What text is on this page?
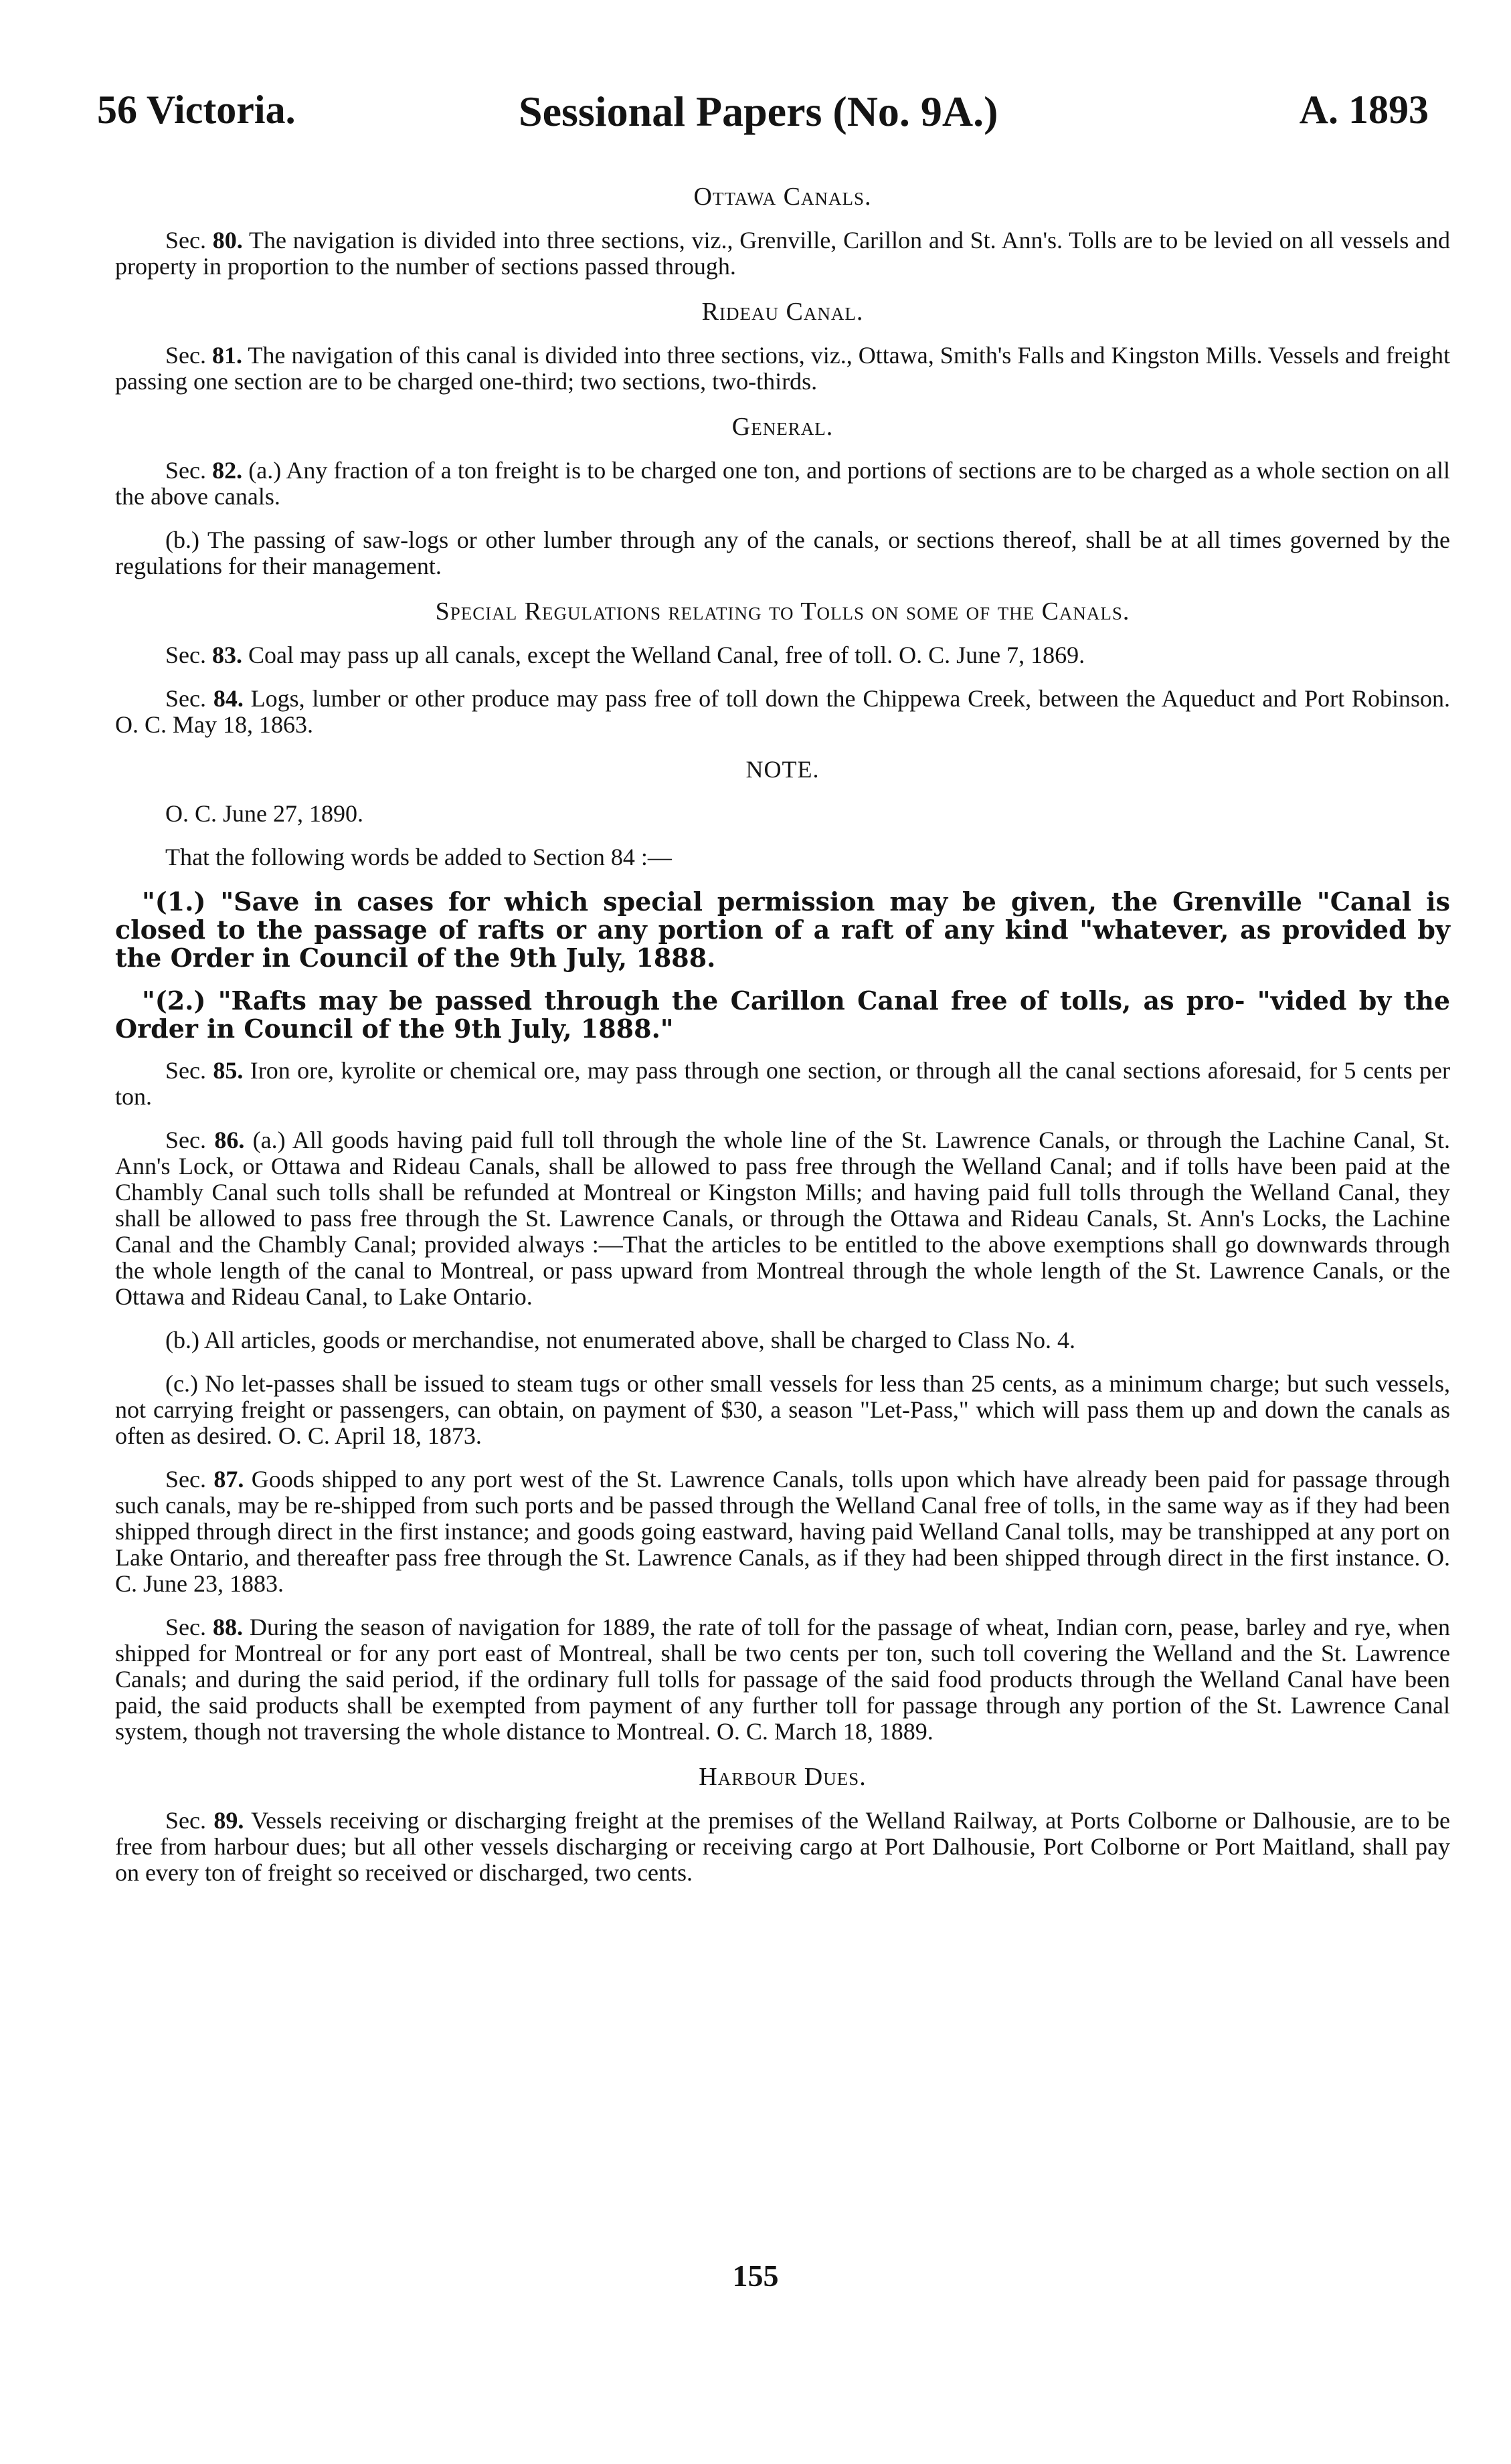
56 Victoria.	Sessional Papers (No. 9A.)	A. 1893
Ottawa Canals.

Sec. 80. The navigation is divided into three sections, viz., Grenville, Carillon and St. Ann's. Tolls are to be levied on all vessels and property in proportion to the number of sections passed through.

Rideau Canal.

Sec. 81. The navigation of this canal is divided into three sections, viz., Ottawa, Smith's Falls and Kingston Mills. Vessels and freight passing one section are to be charged one-third; two sections, two-thirds.

General.

Sec. 82. (a.) Any fraction of a ton freight is to be charged one ton, and portions of sections are to be charged as a whole section on all the above canals.

(b.) The passing of saw-logs or other lumber through any of the canals, or sections thereof, shall be at all times governed by the regulations for their management.

Special Regulations relating to Tolls on some of the Canals.

Sec. 83. Coal may pass up all canals, except the Welland Canal, free of toll. O. C. June 7, 1869.

Sec. 84. Logs, lumber or other produce may pass free of toll down the Chippewa Creek, between the Aqueduct and Port Robinson. O. C. May 18, 1863.

NOTE.

O. C. June 27, 1890.

That the following words be added to Section 84 :—

"(1.) "Save in cases for which special permission may be given, the Grenville "Canal is closed to the passage of rafts or any portion of a raft of any kind "whatever, as provided by the Order in Council of the 9th July, 1888.

"(2.) "Rafts may be passed through the Carillon Canal free of tolls, as pro- "vided by the Order in Council of the 9th July, 1888."

Sec. 85. Iron ore, kyrolite or chemical ore, may pass through one section, or through all the canal sections aforesaid, for 5 cents per ton.

Sec. 86. (a.) All goods having paid full toll through the whole line of the St. Lawrence Canals, or through the Lachine Canal, St. Ann's Lock, or Ottawa and Rideau Canals, shall be allowed to pass free through the Welland Canal; and if tolls have been paid at the Chambly Canal such tolls shall be refunded at Montreal or Kingston Mills; and having paid full tolls through the Welland Canal, they shall be allowed to pass free through the St. Lawrence Canals, or through the Ottawa and Rideau Canals, St. Ann's Locks, the Lachine Canal and the Chambly Canal; provided always :—That the articles to be entitled to the above exemptions shall go downwards through the whole length of the canal to Montreal, or pass upward from Montreal through the whole length of the St. Lawrence Canals, or the Ottawa and Rideau Canal, to Lake Ontario.

(b.) All articles, goods or merchandise, not enumerated above, shall be charged to Class No. 4.

(c.) No let-passes shall be issued to steam tugs or other small vessels for less than 25 cents, as a minimum charge; but such vessels, not carrying freight or passengers, can obtain, on payment of $30, a season "Let-Pass," which will pass them up and down the canals as often as desired. O. C. April 18, 1873.

Sec. 87. Goods shipped to any port west of the St. Lawrence Canals, tolls upon which have already been paid for passage through such canals, may be re-shipped from such ports and be passed through the Welland Canal free of tolls, in the same way as if they had been shipped through direct in the first instance; and goods going eastward, having paid Welland Canal tolls, may be transhipped at any port on Lake Ontario, and thereafter pass free through the St. Lawrence Canals, as if they had been shipped through direct in the first instance. O. C. June 23, 1883.

Sec. 88. During the season of navigation for 1889, the rate of toll for the passage of wheat, Indian corn, pease, barley and rye, when shipped for Montreal or for any port east of Montreal, shall be two cents per ton, such toll covering the Welland and the St. Lawrence Canals; and during the said period, if the ordinary full tolls for passage of the said food products through the Welland Canal have been paid, the said products shall be exempted from payment of any further toll for passage through any portion of the St. Lawrence Canal system, though not traversing the whole distance to Montreal. O. C. March 18, 1889.

Harbour Dues.

Sec. 89. Vessels receiving or discharging freight at the premises of the Welland Railway, at Ports Colborne or Dalhousie, are to be free from harbour dues; but all other vessels discharging or receiving cargo at Port Dalhousie, Port Colborne or Port Maitland, shall pay on every ton of freight so received or discharged, two cents.

155
